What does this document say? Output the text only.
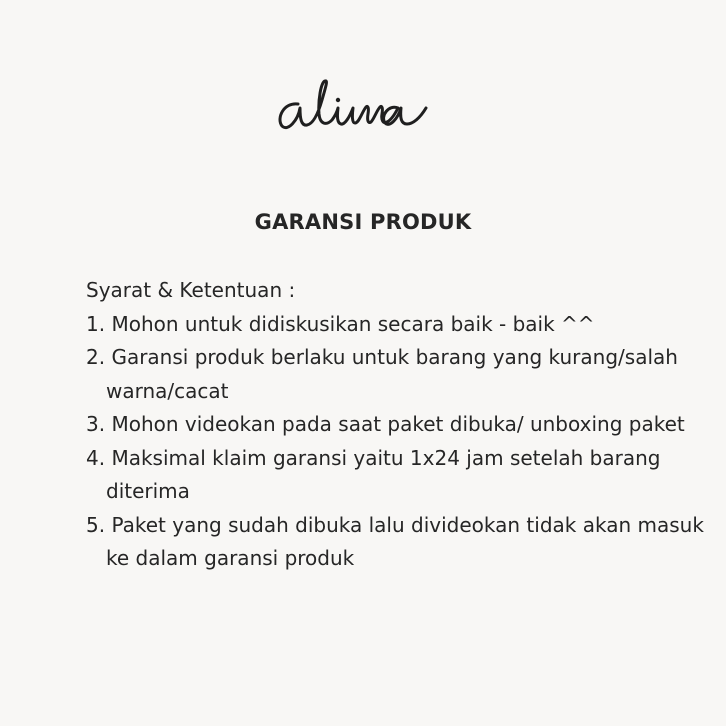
GARANSI PRODUK

Syarat & Ketentuan :

1. Mohon untuk didiskusikan secara baik - baik ^^
2. Garansi produk berlaku untuk barang yang kurang/salah warna/cacat
3. Mohon videokan pada saat paket dibuka/ unboxing paket
4. Maksimal klaim garansi yaitu 1x24 jam setelah barang diterima
5. Paket yang sudah dibuka lalu divideokan tidak akan masuk ke dalam garansi produk
